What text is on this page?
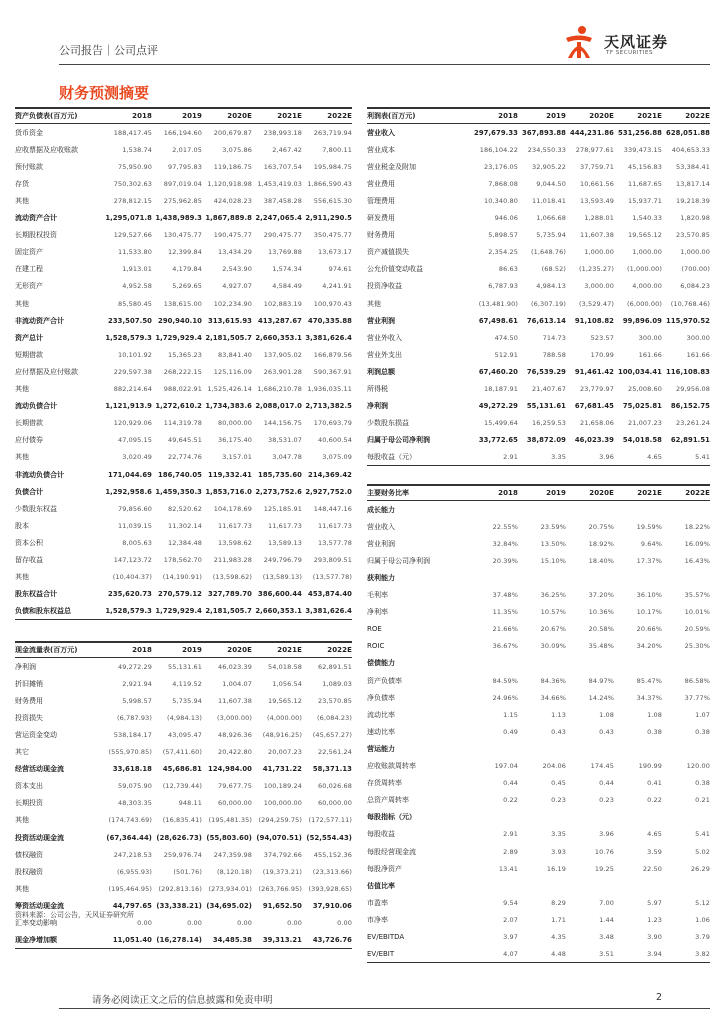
公司报告｜公司点评	天风证券
TF SECURITIES
财务预测摘要
资产负债表(百万元)	2018	2019	2020E	2021E	2022E
货币资金	188,417.45	166,194.60	200,679.87	238,993.18	263,719.94
应收票据及应收账款	1,538.74	2,017.05	3,075.86	2,467.42	7,800.11
预付账款	75,950.90	97,795.83	119,186.75	163,707.54	195,984.75
存货	750,302.63	897,019.04 1,120,918.98 1,453,419.03 1,866,590.43
其他	278,812.15	275,962.85	424,028.23	387,458.28	556,615.30
流动资产合计	1,295,071.8 1,438,989.3 1,867,889.8 2,247,065.4 2,911,290.5
长期股权投资	129,527.66	130,475.77	190,475.77	290,475.77	350,475.77
固定资产	11,533.80	12,399.84	13,434.29	13,769.88	13,673.17
在建工程	1,913.01	4,179.84	2,543.90	1,574.34	974.61
无形资产	4,952.58	5,269.65	4,927.07	4,584.49	4,241.91
其他	85,580.45	138,615.00	102,234.90	102,883.19	100,970.43
非流动资产合计	233,507.50 290,940.10 313,615.93 413,287.67 470,335.88
资产总计	1,528,579.3 1,729,929.4 2,181,505.7 2,660,353.1 3,381,626.4
短期借款	10,101.92	15,365.23	83,841.40	137,905.02	166,879.56
应付票据及应付账款	229,597.38	268,222.15	125,116.09	263,901.28	590,367.91
其他	882,214.64	988,022.91 1,525,426.14 1,686,210.78 1,936,035.11
流动负债合计	1,121,913.9 1,272,610.2 1,734,383.6 2,088,017.0 2,713,382.5
长期借款	120,929.06	114,319.78	80,000.00	144,156.75	170,693.79
应付债券	47,095.15	49,645.51	36,175.40	38,531.07	40,600.54
其他	3,020.49	22,774.76	3,157.01	3,047.78	3,075.09
非流动负债合计	171,044.69 186,740.05 119,332.41 185,735.60 214,369.42
负债合计	1,292,958.6 1,459,350.3 1,853,716.0 2,273,752.6 2,927,752.0
少数股东权益	79,856.60	82,520.62	104,178.69	125,185.91	148,447.16
股本	11,039.15	11,302.14	11,617.73	11,617.73	11,617.73
资本公积	8,005.63	12,384.48	13,598.62	13,589.13	13,577.78
留存收益	147,123.72	178,562.70	211,983.28	249,796.79	293,809.51
其他	(10,404.37)	(14,190.91)	(13,598.62)	(13,589.13)	(13,577.78)
股东权益合计	235,620.73 270,579.12 327,789.70 386,600.44 453,874.40
负债和股东权益总	1,528,579.3 1,729,929.4 2,181,505.7 2,660,353.1 3,381,626.4
利润表(百万元)	2018	2019	2020E	2021E	2022E
营业收入	297,679.33 367,893.88 444,231.86 531,256.88 628,051.88
营业成本	186,104.22	234,550.33	278,977.61	339,473.15	404,653.33
营业税金及附加	23,176.05	32,905.22	37,759.71	45,156.83	53,384.41
营业费用	7,868.08	9,044.50	10,661.56	11,687.65	13,817.14
管理费用	10,340.80	11,018.41	13,593.49	15,937.71	19,218.39
研发费用	946.06	1,066.68	1,288.01	1,540.33	1,820.98
财务费用	5,898.57	5,735.94	11,607.38	19,565.12	23,570.85
资产减值损失	2,354.25	(1,648.76)	1,000.00	1,000.00	1,000.00
公允价值变动收益	86.63	(68.52)	(1,235.27)	(1,000.00)	(700.00)
投资净收益	6,787.93	4,984.13	3,000.00	4,000.00	6,084.23
其他	(13,481.90)	(6,307.19)	(3,529.47)	(6,000.00)	(10,768.46)
营业利润	67,498.61	76,613.14	91,108.82	99,896.09 115,970.52
营业外收入	474.50	714.73	523.57	300.00	300.00
营业外支出	512.91	788.58	170.99	161.66	161.66
利润总额	67,460.20	76,539.29	91,461.42 100,034.41 116,108.83
所得税	18,187.91	21,407.67	23,779.97	25,008.60	29,956.08
净利润	49,272.29	55,131.61	67,681.45	75,025.81	86,152.75
少数股东损益	15,499.64	16,259.53	21,658.06	21,007.23	23,261.24
归属于母公司净利润	33,772.65	38,872.09	46,023.39	54,018.58	62,891.51
每股收益（元）	2.91	3.35	3.96	4.65	5.41
现金流量表(百万元)	2018	2019	2020E	2021E	2022E
净利润	49,272.29	55,131.61	46,023.39	54,018.58	62,891.51
折旧摊销	2,921.94	4,119.52	1,004.07	1,056.54	1,089.03
财务费用	5,998.57	5,735.94	11,607.38	19,565.12	23,570.85
投资损失	(6,787.93)	(4,984.13)	(3,000.00)	(4,000.00)	(6,084.23)
营运资金变动	538,184.17	43,095.47	48,926.36	(48,916.25)	(45,657.27)
其它	(555,970.85)	(57,411.60)	20,422.80	20,007.23	22,561.24
经营活动现金流	33,618.18	45,686.81 124,984.00	41,731.22	58,371.13
资本支出	59,075.90	(12,739.44)	79,677.75	100,189.24	60,026.68
长期投资	48,303.35	948.11	60,000.00	100,000.00	60,000.00
其他	(174,743.69)	(16,835.41)	(195,481.35)	(294,259.75)	(172,577.11)
投资活动现金流	(67,364.44) (28,626.73) (55,803.60) (94,070.51) (52,554.43)
债权融资	247,218.53	259,976.74	247,359.98	374,792.66	455,152.36
股权融资	(6,955.93)	(501.76)	(8,120.18)	(19,373.21)	(23,313.66)
其他	(195,464.95)	(292,813.16)	(273,934.01)	(263,766.95)	(393,928.65)
筹资活动现金流	44,797.65 (33,338.21) (34,695.02)	91,652.50	37,910.06
汇率变动影响	0.00	0.00	0.00	0.00	0.00
现金净增加额	11,051.40 (16,278.14)	34,485.38	39,313.21	43,726.76
主要财务比率	2018	2019	2020E	2021E	2022E
成长能力
营业收入	22.55%	23.59%	20.75%	19.59%	18.22%
营业利润	32.84%	13.50%	18.92%	9.64%	16.09%
归属于母公司净利润	20.39%	15.10%	18.40%	17.37%	16.43%
获利能力
毛利率	37.48%	36.25%	37.20%	36.10%	35.57%
净利率	11.35%	10.57%	10.36%	10.17%	10.01%
ROE	21.66%	20.67%	20.58%	20.66%	20.59%
ROIC	36.67%	30.09%	35.48%	34.20%	25.30%
偿债能力
资产负债率	84.59%	84.36%	84.97%	85.47%	86.58%
净负债率	24.96%	34.66%	14.24%	34.37%	37.77%
流动比率	1.15	1.13	1.08	1.08	1.07
速动比率	0.49	0.43	0.43	0.38	0.38
营运能力
应收账款周转率	197.04	204.06	174.45	190.99	120.00
存货周转率	0.44	0.45	0.44	0.41	0.38
总资产周转率	0.22	0.23	0.23	0.22	0.21
每股指标（元）
每股收益	2.91	3.35	3.96	4.65	5.41
每股经营现金流	2.89	3.93	10.76	3.59	5.02
每股净资产	13.41	16.19	19.25	22.50	26.29
估值比率
市盈率	9.54	8.29	7.00	5.97	5.12
市净率	2.07	1.71	1.44	1.23	1.06
EV/EBITDA	3.97	4.35	3.48	3.90	3.79
EV/EBIT	4.07	4.48	3.51	3.94	3.82
资料来源：公司公告，天风证券研究所
请务必阅读正文之后的信息披露和免责申明	2
